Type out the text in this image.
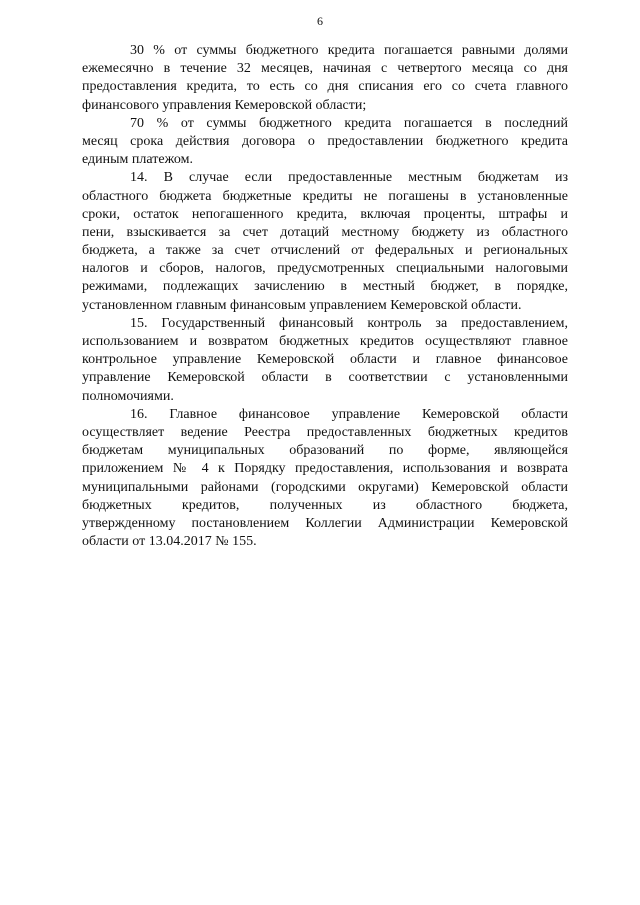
6
30 % от суммы бюджетного кредита погашается равными долями
ежемесячно в течение 32 месяцев, начиная с четвертого месяца со дня
предоставления кредита, то есть со дня списания его со счета главного
финансового управления Кемеровской области;
70 % от суммы бюджетного кредита погашается в последний
месяц срока действия договора о предоставлении бюджетного кредита
единым платежом.
14. В случае если предоставленные местным бюджетам из
областного бюджета бюджетные кредиты не погашены в установленные
сроки, остаток непогашенного кредита, включая проценты, штрафы и
пени, взыскивается за счет дотаций местному бюджету из областного
бюджета, а также за счет отчислений от федеральных и региональных
налогов и сборов, налогов, предусмотренных специальными налоговыми
режимами, подлежащих зачислению в местный бюджет, в порядке,
установленном главным финансовым управлением Кемеровской области.
15. Государственный финансовый контроль за предоставлением,
использованием и возвратом бюджетных кредитов осуществляют главное
контрольное управление Кемеровской области и главное финансовое
управление Кемеровской области в соответствии с установленными
полномочиями.
16. Главное финансовое управление Кемеровской области
осуществляет ведение Реестра предоставленных бюджетных кредитов
бюджетам муниципальных образований по форме, являющейся
приложением № 4 к Порядку предоставления, использования и возврата
муниципальными районами (городскими округами) Кемеровской области
бюджетных кредитов, полученных из областного бюджета,
утвержденному постановлением Коллегии Администрации Кемеровской
области от 13.04.2017 № 155.
